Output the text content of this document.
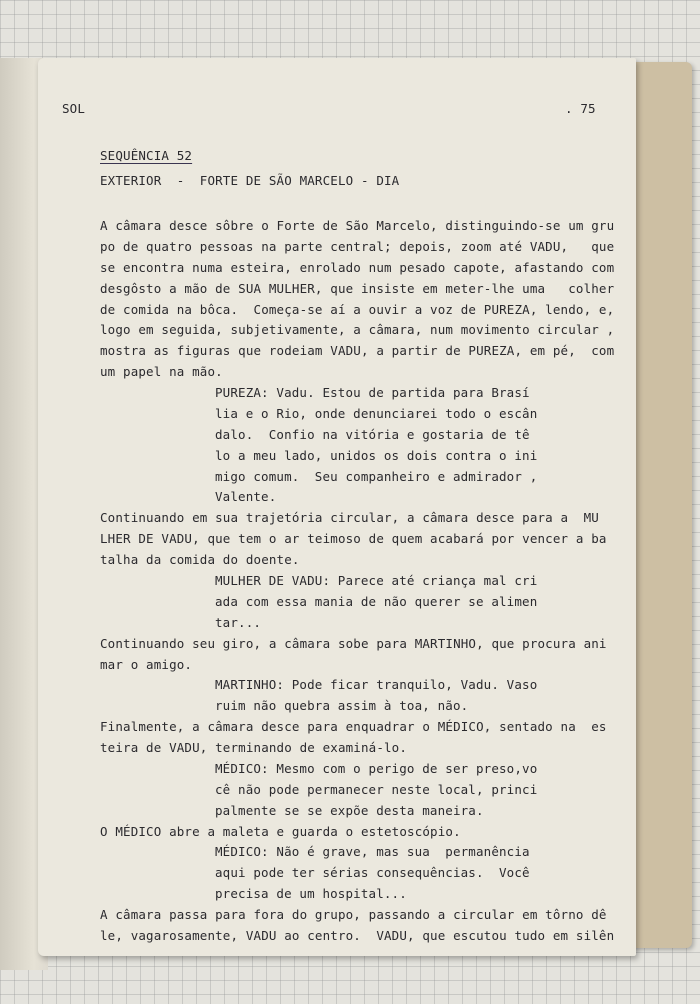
SOL	. 75
SEQUÊNCIA 52
EXTERIOR  -  FORTE DE SÃO MARCELO - DIA
A câmara desce sôbre o Forte de São Marcelo, distinguindo-se um gru
po de quatro pessoas na parte central; depois, zoom até VADU,   que
se encontra numa esteira, enrolado num pesado capote, afastando com
desgôsto a mão de SUA MULHER, que insiste em meter-lhe uma   colher
de comida na bôca.  Começa-se aí a ouvir a voz de PUREZA, lendo, e,
logo em seguida, subjetivamente, a câmara, num movimento circular ,
mostra as figuras que rodeiam VADU, a partir de PUREZA, em pé,  com
um papel na mão.
PUREZA: Vadu. Estou de partida para Brasí
lia e o Rio, onde denunciarei todo o escân
dalo.  Confio na vitória e gostaria de tê
lo a meu lado, unidos os dois contra o ini
migo comum.  Seu companheiro e admirador ,
Valente.
Continuando em sua trajetória circular, a câmara desce para a  MU
LHER DE VADU, que tem o ar teimoso de quem acabará por vencer a ba
talha da comida do doente.
MULHER DE VADU: Parece até criança mal cri
ada com essa mania de não querer se alimen
tar...
Continuando seu giro, a câmara sobe para MARTINHO, que procura ani
mar o amigo.
MARTINHO: Pode ficar tranquilo, Vadu. Vaso
ruim não quebra assim à toa, não.
Finalmente, a câmara desce para enquadrar o MÉDICO, sentado na  es
teira de VADU, terminando de examiná-lo.
MÉDICO: Mesmo com o perigo de ser preso,vo
cê não pode permanecer neste local, princi
palmente se se expõe desta maneira.
O MÉDICO abre a maleta e guarda o estetoscópio.
MÉDICO: Não é grave, mas sua  permanência
aqui pode ter sérias consequências.  Você
precisa de um hospital...
A câmara passa para fora do grupo, passando a circular em tôrno dê
le, vagarosamente, VADU ao centro.  VADU, que escutou tudo em silên
